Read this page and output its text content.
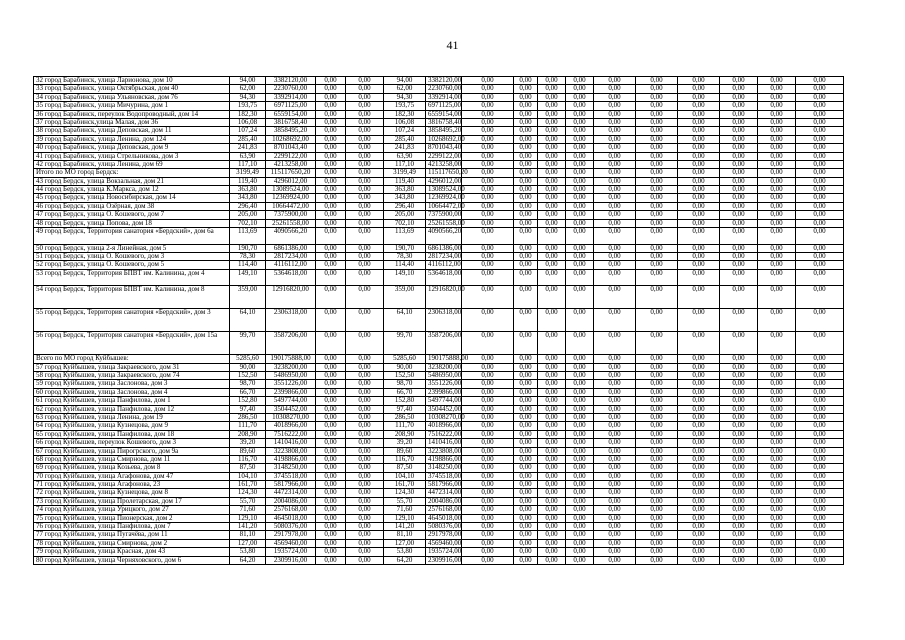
41
32 город Барабинск, улица Ларионова, дом 10	94,00	3382120,00	0,00	0,00	94,00	3382120,00	0,00	0,00	0,00	0,00	0,00	0,00	0,00	0,00	0,00	0,00
33 город Барабинск, улица Октябрьская, дом 40	62,00	2230760,00	0,00	0,00	62,00	2230760,00	0,00	0,00	0,00	0,00	0,00	0,00	0,00	0,00	0,00	0,00
34 город Барабинск, улица Ульяновская, дом 76	94,30	3392914,00	0,00	0,00	94,30	3392914,00	0,00	0,00	0,00	0,00	0,00	0,00	0,00	0,00	0,00	0,00
35 город Барабинск, улица Мичурина, дом 1	193,75	6971125,00	0,00	0,00	193,75	6971125,00	0,00	0,00	0,00	0,00	0,00	0,00	0,00	0,00	0,00	0,00
36 город Барабинск, переулок Водопроводный, дом 14	182,30	6559154,00	0,00	0,00	182,30	6559154,00	0,00	0,00	0,00	0,00	0,00	0,00	0,00	0,00	0,00	0,00
37 город Барабинск,улица Малая, дом 36	106,08	3816758,40	0,00	0,00	106,08	3816758,40	0,00	0,00	0,00	0,00	0,00	0,00	0,00	0,00	0,00	0,00
38 город Барабинск, улица Деповская, дом 11	107,24	3858495,20	0,00	0,00	107,24	3858495,20	0,00	0,00	0,00	0,00	0,00	0,00	0,00	0,00	0,00	0,00
39 город Барабинск, улица Ленина, дом 124	285,40	10268692,00	0,00	0,00	285,40	10268692,00	0,00	0,00	0,00	0,00	0,00	0,00	0,00	0,00	0,00	0,00
40 город Барабинск, улица Деповская, дом 9	241,83	8701043,40	0,00	0,00	241,83	8701043,40	0,00	0,00	0,00	0,00	0,00	0,00	0,00	0,00	0,00	0,00
41 город Барабинск, улица Стрельникова, дом 3	63,90	2299122,00	0,00	0,00	63,90	2299122,00	0,00	0,00	0,00	0,00	0,00	0,00	0,00	0,00	0,00	0,00
42 город Барабинск, улица Ленина, дом 69	117,10	4213258,00	0,00	0,00	117,10	4213258,00	0,00	0,00	0,00	0,00	0,00	0,00	0,00	0,00	0,00	0,00
Итого по МО город Бердск:	3199,49	115117650,20	0,00	0,00	3199,49	115117650,20	0,00	0,00	0,00	0,00	0,00	0,00	0,00	0,00	0,00	0,00
43 город Бердск, улица Вокзальная, дом 21	119,40	4296012,00	0,00	0,00	119,40	4296012,00	0,00	0,00	0,00	0,00	0,00	0,00	0,00	0,00	0,00	0,00
44 город Бердск, улица К.Маркса, дом 12	363,80	13089524,00	0,00	0,00	363,80	13089524,00	0,00	0,00	0,00	0,00	0,00	0,00	0,00	0,00	0,00	0,00
45 город Бердск, улица Новосибирская, дом 14	343,80	12369924,00	0,00	0,00	343,80	12369924,00	0,00	0,00	0,00	0,00	0,00	0,00	0,00	0,00	0,00	0,00
46 город Бердск, улица Озёрная, дом 38	296,40	10664472,00	0,00	0,00	296,40	10664472,00	0,00	0,00	0,00	0,00	0,00	0,00	0,00	0,00	0,00	0,00
47 город Бердск, улица О. Кошевого, дом 7	205,00	7375900,00	0,00	0,00	205,00	7375900,00	0,00	0,00	0,00	0,00	0,00	0,00	0,00	0,00	0,00	0,00
48 город Бердск, улица Попова, дом 18	702,10	25261558,00	0,00	0,00	702,10	25261558,00	0,00	0,00	0,00	0,00	0,00	0,00	0,00	0,00	0,00	0,00
49 город Бердск, Территория санатория «Бердский», дом 6а	113,69	4090566,20	0,00	0,00	113,69	4090566,20	0,00	0,00	0,00	0,00	0,00	0,00	0,00	0,00	0,00	0,00
50 город Бердск, улица 2-я Линейная, дом 5	190,70	6861386,00	0,00	0,00	190,70	6861386,00	0,00	0,00	0,00	0,00	0,00	0,00	0,00	0,00	0,00	0,00
51 город Бердск, улица О. Кошевого, дом 3	78,30	2817234,00	0,00	0,00	78,30	2817234,00	0,00	0,00	0,00	0,00	0,00	0,00	0,00	0,00	0,00	0,00
52 город Бердск, улица О. Кошевого, дом 5	114,40	4116112,00	0,00	0,00	114,40	4116112,00	0,00	0,00	0,00	0,00	0,00	0,00	0,00	0,00	0,00	0,00
53 город Бердск, Территория БПВТ им. Калинина, дом 4	149,10	5364618,00	0,00	0,00	149,10	5364618,00	0,00	0,00	0,00	0,00	0,00	0,00	0,00	0,00	0,00	0,00
54 город Бердск, Территория БПВТ им. Калинина, дом 8	359,00	12916820,00	0,00	0,00	359,00	12916820,00	0,00	0,00	0,00	0,00	0,00	0,00	0,00	0,00	0,00	0,00
55 город Бердск, Территория санатория «Бердский», дом 3	64,10	2306318,00	0,00	0,00	64,10	2306318,00	0,00	0,00	0,00	0,00	0,00	0,00	0,00	0,00	0,00	0,00
56 город Бердск, Территория санатория «Бердский», дом 15а	99,70	3587206,00	0,00	0,00	99,70	3587206,00	0,00	0,00	0,00	0,00	0,00	0,00	0,00	0,00	0,00	0,00
Всего по МО город Куйбышев:	5285,60	190175888,00	0,00	0,00	5285,60	190175888,00	0,00	0,00	0,00	0,00	0,00	0,00	0,00	0,00	0,00	0,00
57 город Куйбышев, улица Закраевского, дом 31	90,00	3238200,00	0,00	0,00	90,00	3238200,00	0,00	0,00	0,00	0,00	0,00	0,00	0,00	0,00	0,00	0,00
58 город Куйбышев, улица Закраевского, дом 74	152,50	5486950,00	0,00	0,00	152,50	5486950,00	0,00	0,00	0,00	0,00	0,00	0,00	0,00	0,00	0,00	0,00
59 город Куйбышев, улица Заслонова, дом 3	98,70	3551226,00	0,00	0,00	98,70	3551226,00	0,00	0,00	0,00	0,00	0,00	0,00	0,00	0,00	0,00	0,00
60 город Куйбышев, улица Заслонова, дом 4	66,70	2399866,00	0,00	0,00	66,70	2399866,00	0,00	0,00	0,00	0,00	0,00	0,00	0,00	0,00	0,00	0,00
61 город Куйбышев, улица Панфилова, дом 1	152,80	5497744,00	0,00	0,00	152,80	5497744,00	0,00	0,00	0,00	0,00	0,00	0,00	0,00	0,00	0,00	0,00
62 город Куйбышев, улица Панфилова, дом 12	97,40	3504452,00	0,00	0,00	97,40	3504452,00	0,00	0,00	0,00	0,00	0,00	0,00	0,00	0,00	0,00	0,00
63 город Куйбышев, улица Ленина, дом 19	286,50	10308270,00	0,00	0,00	286,50	10308270,00	0,00	0,00	0,00	0,00	0,00	0,00	0,00	0,00	0,00	0,00
64 город Куйбышев, улица Кузнецова, дом 9	111,70	4018966,00	0,00	0,00	111,70	4018966,00	0,00	0,00	0,00	0,00	0,00	0,00	0,00	0,00	0,00	0,00
65 город Куйбышев, улица Панфилова, дом 18	208,90	7516222,00	0,00	0,00	208,90	7516222,00	0,00	0,00	0,00	0,00	0,00	0,00	0,00	0,00	0,00	0,00
66 город Куйбышев, переулок Кошевого, дом 3	39,20	1410416,00	0,00	0,00	39,20	1410416,00	0,00	0,00	0,00	0,00	0,00	0,00	0,00	0,00	0,00	0,00
67 город Куйбышев, улица Пирогрского, дом 9а	89,60	3223808,00	0,00	0,00	89,60	3223808,00	0,00	0,00	0,00	0,00	0,00	0,00	0,00	0,00	0,00	0,00
68 город Куйбышев, улица Смирнова, дом 11	116,70	4198866,00	0,00	0,00	116,70	4198866,00	0,00	0,00	0,00	0,00	0,00	0,00	0,00	0,00	0,00	0,00
69 город Куйбышев, улица Козьева, дом 8	87,50	3148250,00	0,00	0,00	87,50	3148250,00	0,00	0,00	0,00	0,00	0,00	0,00	0,00	0,00	0,00	0,00
70 город Куйбышев, улица Агафонова, дом 47	104,10	3745518,00	0,00	0,00	104,10	3745518,00	0,00	0,00	0,00	0,00	0,00	0,00	0,00	0,00	0,00	0,00
71 город Куйбышев, улица Агафонова, 23	161,70	5817966,00	0,00	0,00	161,70	5817966,00	0,00	0,00	0,00	0,00	0,00	0,00	0,00	0,00	0,00	0,00
72 город Куйбышев, улица Кузнецова, дом 8	124,30	4472314,00	0,00	0,00	124,30	4472314,00	0,00	0,00	0,00	0,00	0,00	0,00	0,00	0,00	0,00	0,00
73 город Куйбышев, улица Пролетарская, дом 17	55,70	2004086,00	0,00	0,00	55,70	2004086,00	0,00	0,00	0,00	0,00	0,00	0,00	0,00	0,00	0,00	0,00
74 город Куйбышев, улица Урицкого, дом 27	71,60	2576168,00	0,00	0,00	71,60	2576168,00	0,00	0,00	0,00	0,00	0,00	0,00	0,00	0,00	0,00	0,00
75 город Куйбышев, улица Пионерская, дом 2	129,10	4645018,00	0,00	0,00	129,10	4645018,00	0,00	0,00	0,00	0,00	0,00	0,00	0,00	0,00	0,00	0,00
76 город Куйбышев, улица Панфилова, дом 7	141,20	5080376,00	0,00	0,00	141,20	5080376,00	0,00	0,00	0,00	0,00	0,00	0,00	0,00	0,00	0,00	0,00
77 город Куйбышев, улица Пугачёва, дом 11	81,10	2917978,00	0,00	0,00	81,10	2917978,00	0,00	0,00	0,00	0,00	0,00	0,00	0,00	0,00	0,00	0,00
78 город Куйбышев, улица Смирнова, дом 2	127,00	4569460,00	0,00	0,00	127,00	4569460,00	0,00	0,00	0,00	0,00	0,00	0,00	0,00	0,00	0,00	0,00
79 город Куйбышев, улица Красная, дом 43	53,80	1935724,00	0,00	0,00	53,80	1935724,00	0,00	0,00	0,00	0,00	0,00	0,00	0,00	0,00	0,00	0,00
80 город Куйбышев, улица Черняховского, дом 6	64,20	2309916,00	0,00	0,00	64,20	2309916,00	0,00	0,00	0,00	0,00	0,00	0,00	0,00	0,00	0,00	0,00
